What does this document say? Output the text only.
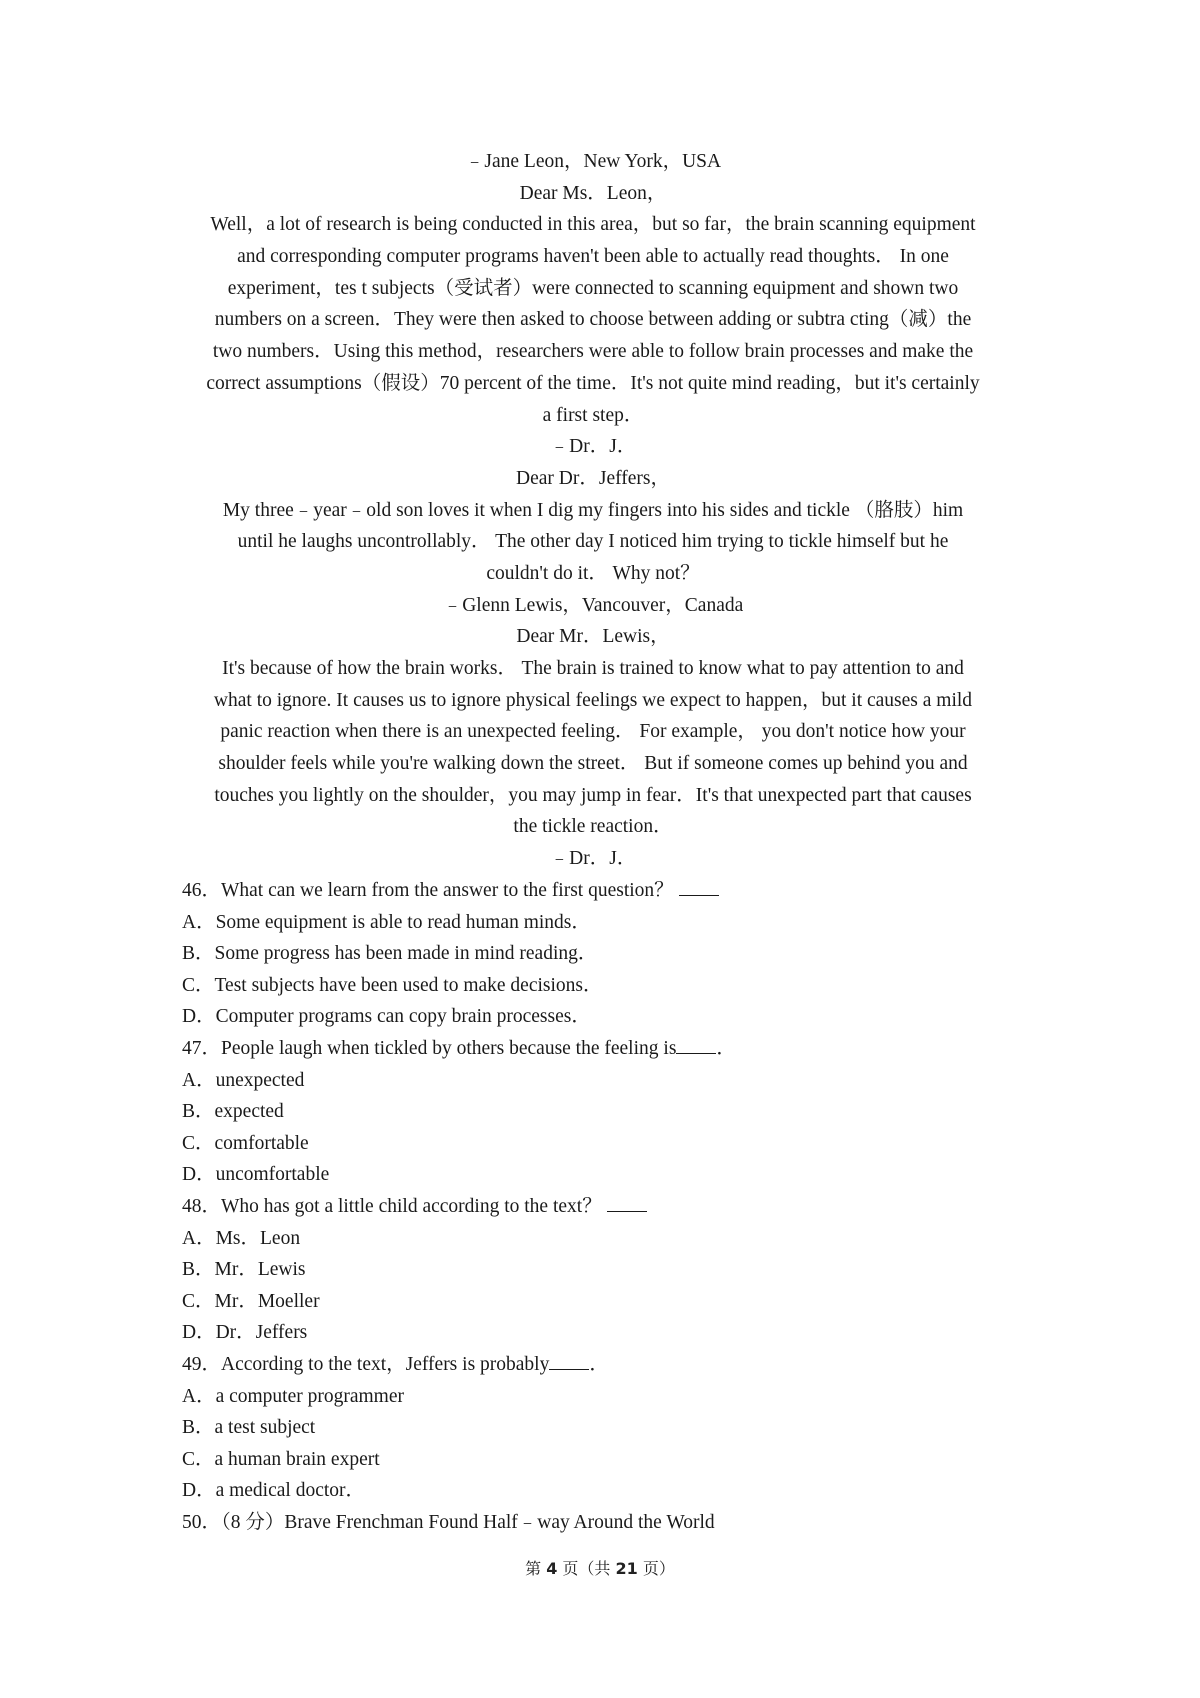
﹣Jane Leon，New York，USA
Dear Ms．Leon，
Well，a lot of research is being conducted in this area，but so far，the brain scanning equipment
and corresponding computer programs haven't been able to actually read thoughts． In one
experiment，tes t subjects（受试者）were connected to scanning equipment and shown two
numbers on a screen．They were then asked to choose between adding or subtra cting（减）the
two numbers．Using this method，researchers were able to follow brain processes and make the
correct assumptions（假设）70 percent of the time．It's not quite mind reading，but it's certainly
a first step．
﹣Dr．J．
Dear Dr．Jeffers，
My three﹣year﹣old son loves it when I dig my fingers into his sides and tickle （胳肢）him
until he laughs uncontrollably． The other day I noticed him trying to tickle himself but he
couldn't do it． Why not？
﹣Glenn Lewis，Vancouver，Canada
Dear Mr．Lewis，
It's because of how the brain works． The brain is trained to know what to pay attention to and
what to ignore. It causes us to ignore physical feelings we expect to happen，but it causes a mild
panic reaction when there is an unexpected feeling． For example， you don't notice how your
shoulder feels while you're walking down the street． But if someone comes up behind you and
touches you lightly on the shoulder，you may jump in fear．It's that unexpected part that causes
the tickle reaction．
﹣Dr．J．
46．What can we learn from the answer to the first question？
A．Some equipment is able to read human minds．
B．Some progress has been made in mind reading．
C．Test subjects have been used to make decisions．
D．Computer programs can copy brain processes．
47．People laugh when tickled by others because the feeling is ．
A．unexpected
B．expected
C．comfortable
D．uncomfortable
48．Who has got a little child according to the text？
A．Ms．Leon
B．Mr．Lewis
C．Mr．Moeller
D．Dr．Jeffers
49．According to the text，Jeffers is probably ．
A．a computer programmer
B．a test subject
C．a human brain expert
D．a medical doctor．
50．（8 分）Brave Frenchman Found Half﹣way Around the World
第 4 页（共 21 页）
